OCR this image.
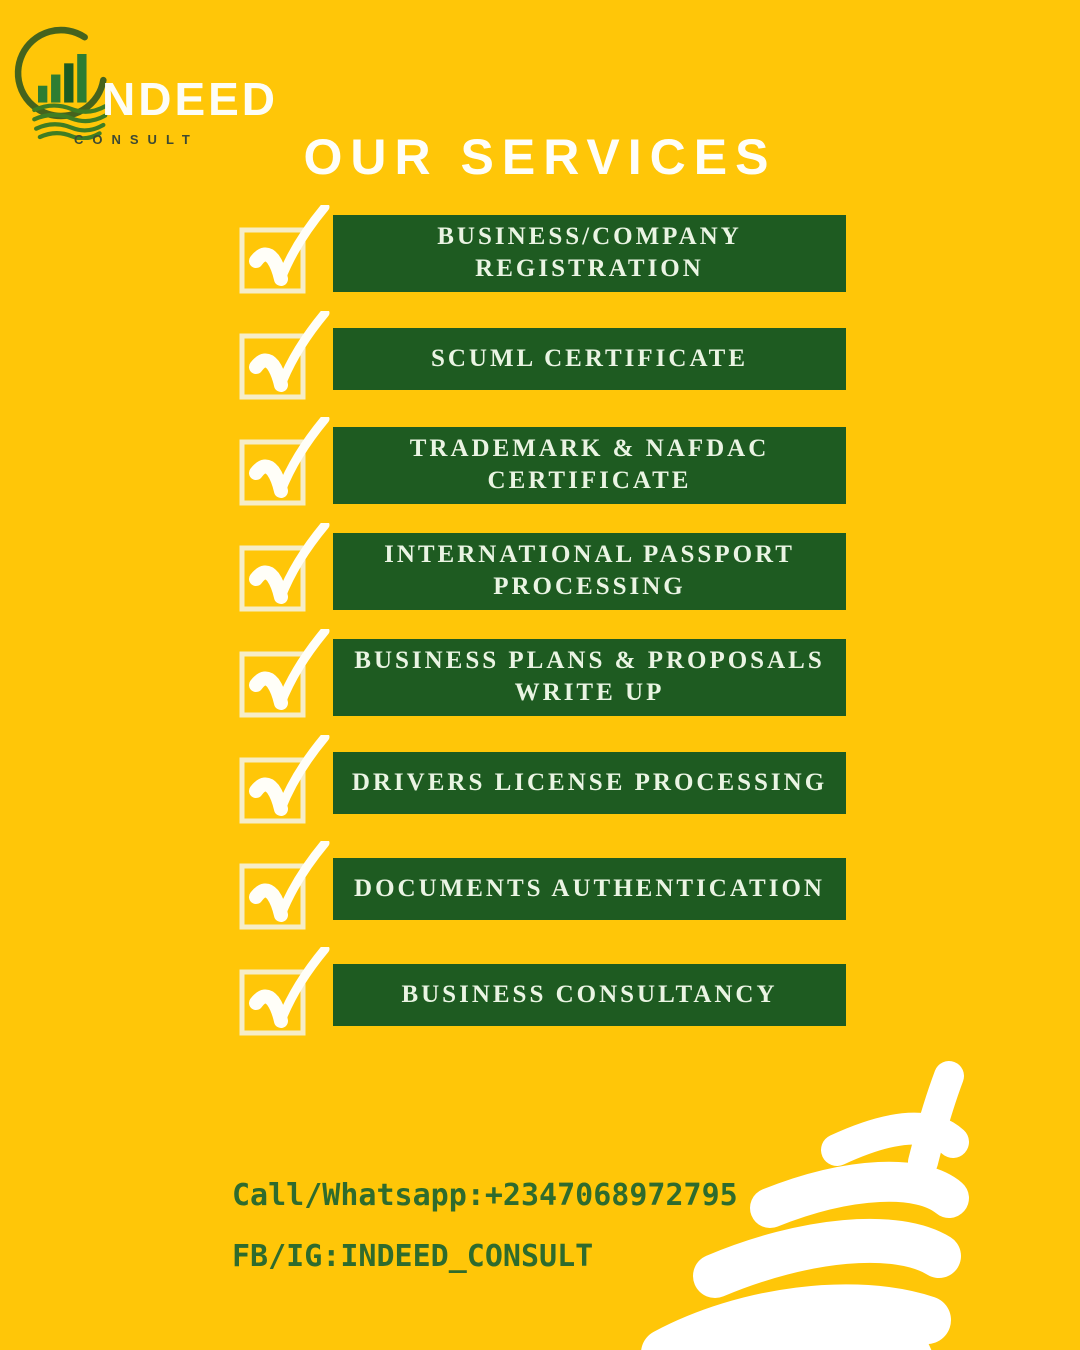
NDEED
CONSULT	OUR SERVICES
BUSINESS/COMPANY REGISTRATION
SCUML CERTIFICATE
TRADEMARK & NAFDAC CERTIFICATE
INTERNATIONAL PASSPORT PROCESSING
BUSINESS PLANS & PROPOSALS WRITE UP
DRIVERS LICENSE PROCESSING
DOCUMENTS AUTHENTICATION
BUSINESS CONSULTANCY
Call/Whatsapp:+2347068972795
FB/IG:INDEED_CONSULT
